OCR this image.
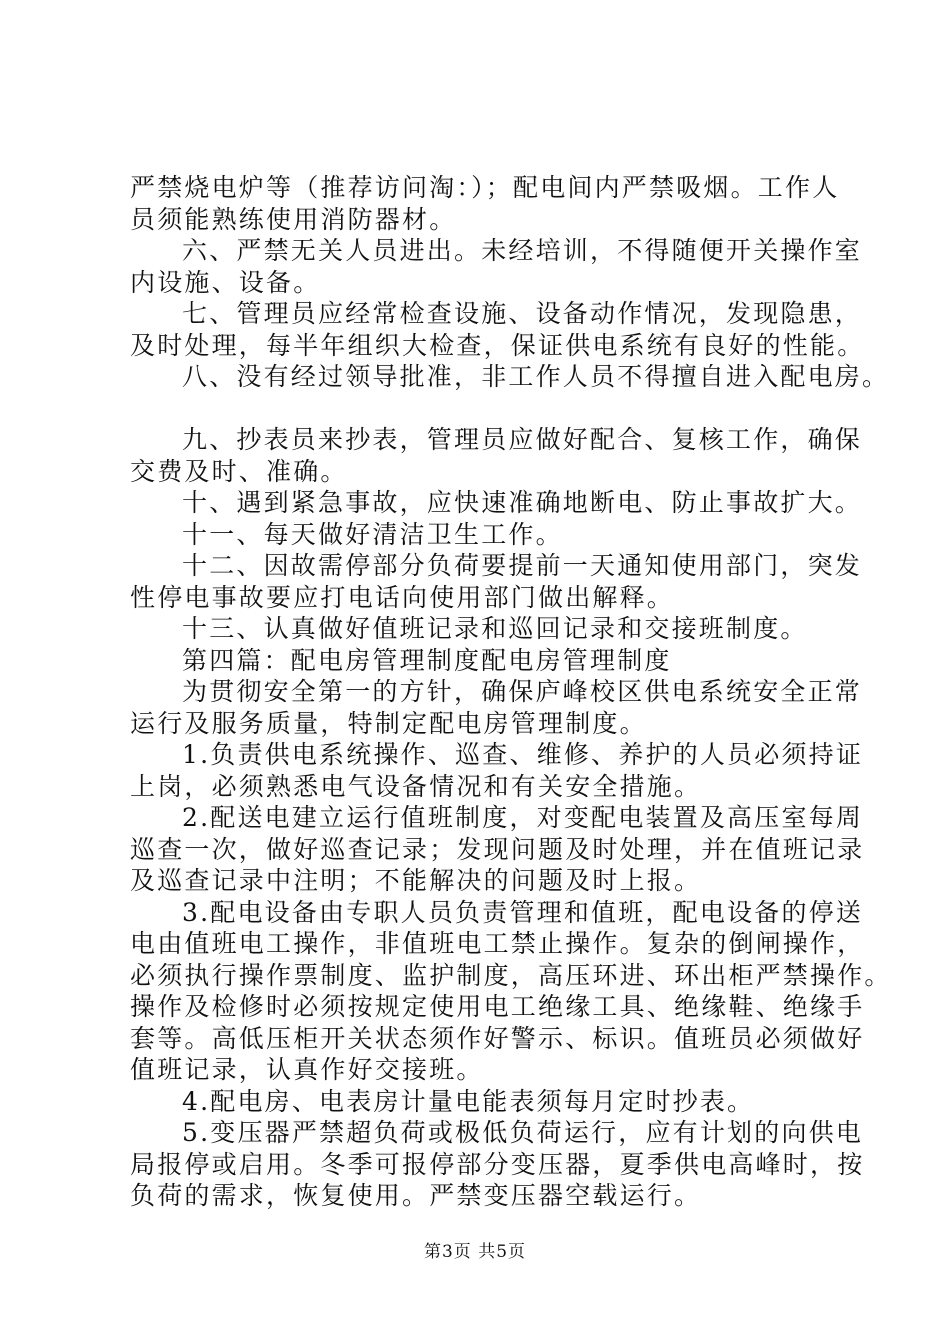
严禁烧电炉等（推荐访问淘：）；配电间内严禁吸烟。工作人
员须能熟练使用消防器材。
六、严禁无关人员进出。未经培训，不得随便开关操作室
内设施、设备。
七、管理员应经常检查设施、设备动作情况，发现隐患，
及时处理，每半年组织大检查，保证供电系统有良好的性能。
八、没有经过领导批准，非工作人员不得擅自进入配电房。
九、抄表员来抄表，管理员应做好配合、复核工作，确保
交费及时、准确。
十、遇到紧急事故，应快速准确地断电、防止事故扩大。
十一、每天做好清洁卫生工作。
十二、因故需停部分负荷要提前一天通知使用部门，突发
性停电事故要应打电话向使用部门做出解释。
十三、认真做好值班记录和巡回记录和交接班制度。
第四篇：配电房管理制度配电房管理制度
为贯彻安全第一的方针，确保庐峰校区供电系统安全正常
运行及服务质量，特制定配电房管理制度。
1.负责供电系统操作、巡查、维修、养护的人员必须持证
上岗，必须熟悉电气设备情况和有关安全措施。
2.配送电建立运行值班制度，对变配电装置及高压室每周
巡查一次，做好巡查记录；发现问题及时处理，并在值班记录
及巡查记录中注明；不能解决的问题及时上报。
3.配电设备由专职人员负责管理和值班，配电设备的停送
电由值班电工操作，非值班电工禁止操作。复杂的倒闸操作，
必须执行操作票制度、监护制度，高压环进、环出柜严禁操作。
操作及检修时必须按规定使用电工绝缘工具、绝缘鞋、绝缘手
套等。高低压柜开关状态须作好警示、标识。值班员必须做好
值班记录，认真作好交接班。
4.配电房、电表房计量电能表须每月定时抄表。
5.变压器严禁超负荷或极低负荷运行，应有计划的向供电
局报停或启用。冬季可报停部分变压器，夏季供电高峰时，按
负荷的需求，恢复使用。严禁变压器空载运行。
第3页 共5页
